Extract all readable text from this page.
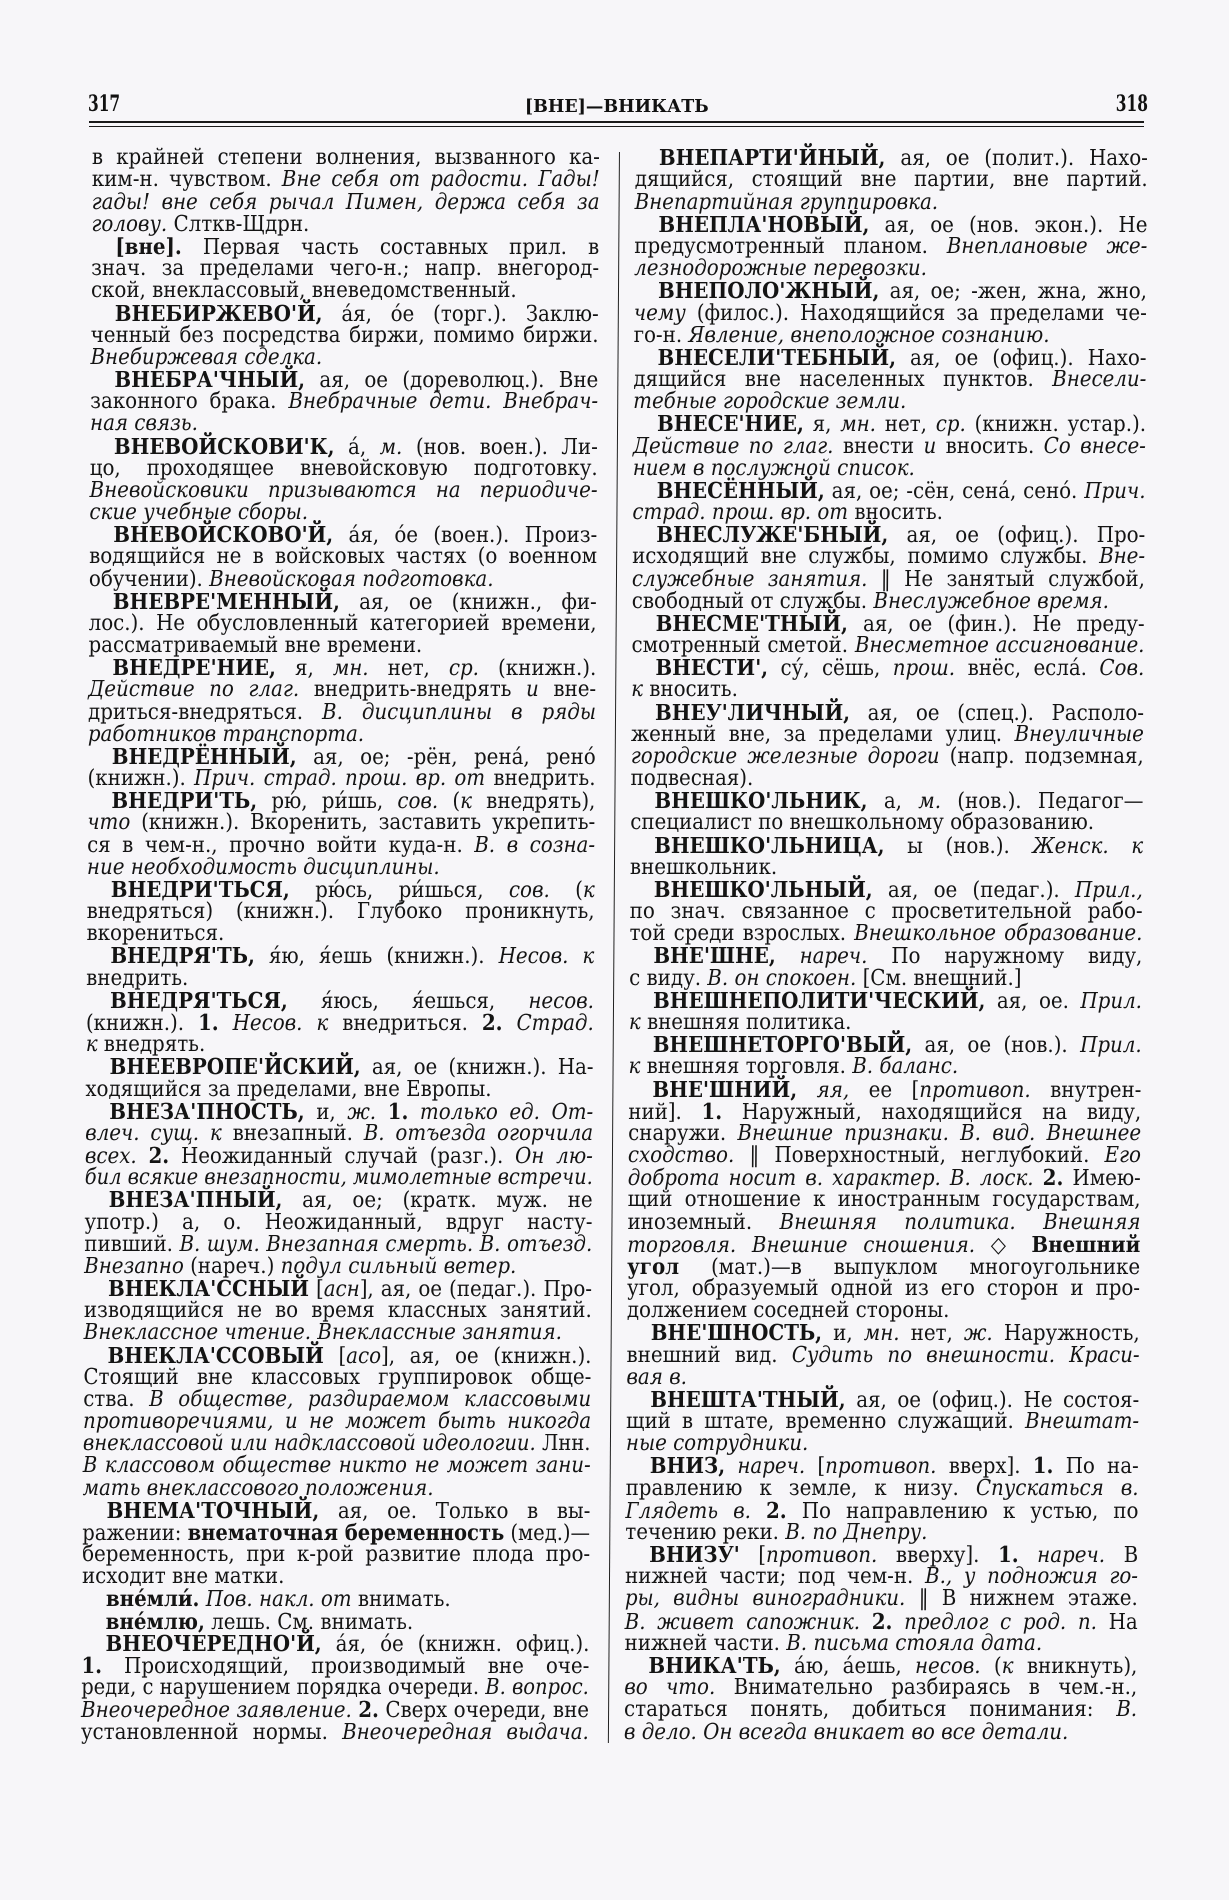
317	[ВНЕ]—ВНИКАТЬ	318
в крайней степени волнения, вызванного ка-
ким-н. чувством. Вне себя от радости. Гады!
гады! вне себя рычал Пимен, держа себя за
голову. Слткв-Щдрн.
[вне]. Первая часть составных прил. в
знач. за пределами чего-н.; напр. внегород-
ской, внеклассовый, вневедомственный.
ВНЕБИРЖЕВО'Й, а́я, о́е (торг.). Заклю-
ченный без посредства биржи, помимо биржи.
Внебиржевая сделка.
ВНЕБРА'ЧНЫЙ, ая, ое (дореволюц.). Вне
законного брака. Внебрачные дети. Внебрач-
ная связь.
ВНЕВОЙСКОВИ'К, а́, м. (нов. воен.). Ли-
цо, проходящее вневойсковую подготовку.
Вневойсковики призываются на периодиче-
ские учебные сборы.
ВНЕВОЙСКОВО'Й, а́я, о́е (воен.). Произ-
водящийся не в войсковых частях (о военном
обучении). Вневойсковая подготовка.
ВНЕВРЕ'МЕННЫЙ, ая, ое (книжн., фи-
лос.). Не обусловленный категорией времени,
рассматриваемый вне времени.
ВНЕДРЕ'НИЕ, я, мн. нет, ср. (книжн.).
Действие по глаг. внедрить-внедрять и вне-
дриться-внедряться. В. дисциплины в ряды
работников транспорта.
ВНЕДРЁННЫЙ, ая, ое; -рён, рена́, рено́
(книжн.). Прич. страд. прош. вр. от внедрить.
ВНЕДРИ'ТЬ, рю́, ри́шь, сов. (к внедрять),
что (книжн.). Вкоренить, заставить укрепить-
ся в чем-н., прочно войти куда-н. В. в созна-
ние необходимость дисциплины.
ВНЕДРИ'ТЬСЯ, рю́сь, ри́шься, сов. (к
внедряться) (книжн.). Глубоко проникнуть,
вкорениться.
ВНЕДРЯ'ТЬ, я́ю, я́ешь (книжн.). Несов. к
внедрить.
ВНЕДРЯ'ТЬСЯ, я́юсь, я́ешься, несов.
(книжн.). 1. Несов. к внедриться. 2. Страд.
к внедрять.
ВНЕЕВРОПЕ'ЙСКИЙ, ая, ое (книжн.). На-
ходящийся за пределами, вне Европы.
ВНЕЗА'ПНОСТЬ, и, ж. 1. только ед. От-
влеч. сущ. к внезапный. В. отъезда огорчила
всех. 2. Неожиданный случай (разг.). Он лю-
бил всякие внезапности, мимолетные встречи.
ВНЕЗА'ПНЫЙ, ая, ое; (кратк. муж. не
употр.) а, о. Неожиданный, вдруг насту-
пивший. В. шум. Внезапная смерть. В. отъезд.
Внезапно (нареч.) подул сильный ветер.
ВНЕКЛА'ССНЫЙ [асн], ая, ое (педаг.). Про-
изводящийся не во время классных занятий.
Внеклассное чтение. Внеклассные занятия.
ВНЕКЛА'ССОВЫЙ [асо], ая, ое (книжн.).
Стоящий вне классовых группировок обще-
ства. В обществе, раздираемом классовыми
противоречиями, и не может быть никогда
внеклассовой или надклассовой идеологии. Лнн.
В классовом обществе никто не может зани-
мать внеклассового положения.
ВНЕМА'ТОЧНЫЙ, ая, ое. Только в вы-
ражении: внематочная беременность (мед.)—
беременность, при к-рой развитие плода про-
исходит вне матки.
вне́мли́. Пов. накл. от внимать.
вне́млю, лешь. См. внимать.
ВНЕОЧЕРЕДНО'Й, а́я, о́е (книжн. офиц.).
1. Происходящий, производимый вне оче-
реди, с нарушением порядка очереди. В. вопрос.
Внеочередное заявление. 2. Сверх очереди, вне
установленной нормы. Внеочередная выдача.
ВНЕПАРТИ'ЙНЫЙ, ая, ое (полит.). Нахо-
дящийся, стоящий вне партии, вне партий.
Внепартийная группировка.
ВНЕПЛА'НОВЫЙ, ая, ое (нов. экон.). Не
предусмотренный планом. Внеплановые же-
лезнодорожные перевозки.
ВНЕПОЛО'ЖНЫЙ, ая, ое; -жен, жна, жно,
чему (филос.). Находящийся за пределами че-
го-н. Явление, внеположное сознанию.
ВНЕСЕЛИ'ТЕБНЫЙ, ая, ое (офиц.). Нахо-
дящийся вне населенных пунктов. Внесели-
тебные городские земли.
ВНЕСЕ'НИЕ, я, мн. нет, ср. (книжн. устар.).
Действие по глаг. внести и вносить. Со внесе-
нием в послужной список.
ВНЕСЁННЫЙ, ая, ое; -сён, сена́, сено́. Прич.
страд. прош. вр. от вносить.
ВНЕСЛУЖЕ'БНЫЙ, ая, ое (офиц.). Про-
исходящий вне службы, помимо службы. Вне-
служебные занятия. ‖ Не занятый службой,
свободный от службы. Внеслужебное время.
ВНЕСМЕ'ТНЫЙ, ая, ое (фин.). Не преду-
смотренный сметой. Внесметное ассигнование.
ВНЕСТИ', су́, сёшь, прош. внёс, есла́. Сов.
к вносить.
ВНЕУ'ЛИЧНЫЙ, ая, ое (спец.). Располо-
женный вне, за пределами улиц. Внеуличные
городские железные дороги (напр. подземная,
подвесная).
ВНЕШКО'ЛЬНИК, а, м. (нов.). Педагог—
специалист по внешкольному образованию.
ВНЕШКО'ЛЬНИЦА, ы (нов.). Женск. к
внешкольник.
ВНЕШКО'ЛЬНЫЙ, ая, ое (педаг.). Прил.,
по знач. связанное с просветительной рабо-
той среди взрослых. Внешкольное образование.
ВНЕ'ШНЕ, нареч. По наружному виду,
с виду. В. он спокоен. [См. внешний.]
ВНЕШНЕПОЛИТИ'ЧЕСКИЙ, ая, ое. Прил.
к внешняя политика.
ВНЕШНЕТОРГО'ВЫЙ, ая, ое (нов.). Прил.
к внешняя торговля. В. баланс.
ВНЕ'ШНИЙ, яя, ее [противоп. внутрен-
ний]. 1. Наружный, находящийся на виду,
снаружи. Внешние признаки. В. вид. Внешнее
сходство. ‖ Поверхностный, неглубокий. Его
доброта носит в. характер. В. лоск. 2. Имею-
щий отношение к иностранным государствам,
иноземный. Внешняя политика. Внешняя
торговля. Внешние сношения. ◇ Внешний
угол (мат.)—в выпуклом многоугольнике
угол, образуемый одной из его сторон и про-
должением соседней стороны.
ВНЕ'ШНОСТЬ, и, мн. нет, ж. Наружность,
внешний вид. Судить по внешности. Краси-
вая в.
ВНЕШТА'ТНЫЙ, ая, ое (офиц.). Не состоя-
щий в штате, временно служащий. Внештат-
ные сотрудники.
ВНИЗ, нареч. [противоп. вверх]. 1. По на-
правлению к земле, к низу. Спускаться в.
Глядеть в. 2. По направлению к устью, по
течению реки. В. по Днепру.
ВНИЗУ' [противоп. вверху]. 1. нареч. В
нижней части; под чем-н. В., у подножия го-
ры, видны виноградники. ‖ В нижнем этаже.
В. живет сапожник. 2. предлог с род. п. На
нижней части. В. письма стояла дата.
ВНИКА'ТЬ, а́ю, а́ешь, несов. (к вникнуть),
во что. Внимательно разбираясь в чем.-н.,
стараться понять, добиться понимания: В.
в дело. Он всегда вникает во все детали.
